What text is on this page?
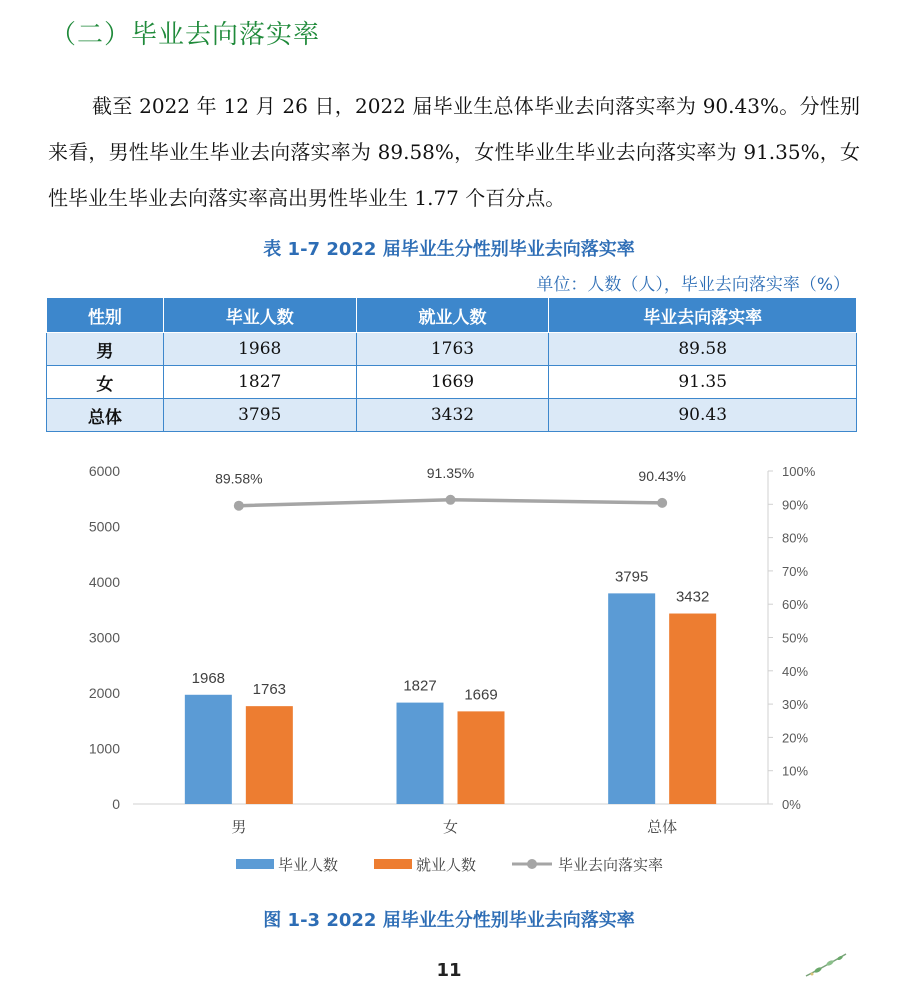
（二）毕业去向落实率
截至 2022 年 12 月 26 日，2022 届毕业生总体毕业去向落实率为 90.43%。分性别来看，男性毕业生毕业去向落实率为 89.58%，女性毕业生毕业去向落实率为 91.35%，女性毕业生毕业去向落实率高出男性毕业生 1.77 个百分点。
表 1-7 2022 届毕业生分性别毕业去向落实率
单位：人数（人），毕业去向落实率（%）
性别	毕业人数	就业人数	毕业去向落实率
男	1968	1763	89.58
女	1827	1669	91.35
总体	3795	3432	90.43
0
1000
2000
3000
4000
5000
6000
0%
10%
20%
30%
40%
50%
60%
70%
80%
90%
100%
男
1968
1763
女
1827
1669
总体
3795
3432
89.58%	91.35%	90.43%
毕业人数	就业人数	毕业去向落实率
图 1-3 2022 届毕业生分性别毕业去向落实率
11
